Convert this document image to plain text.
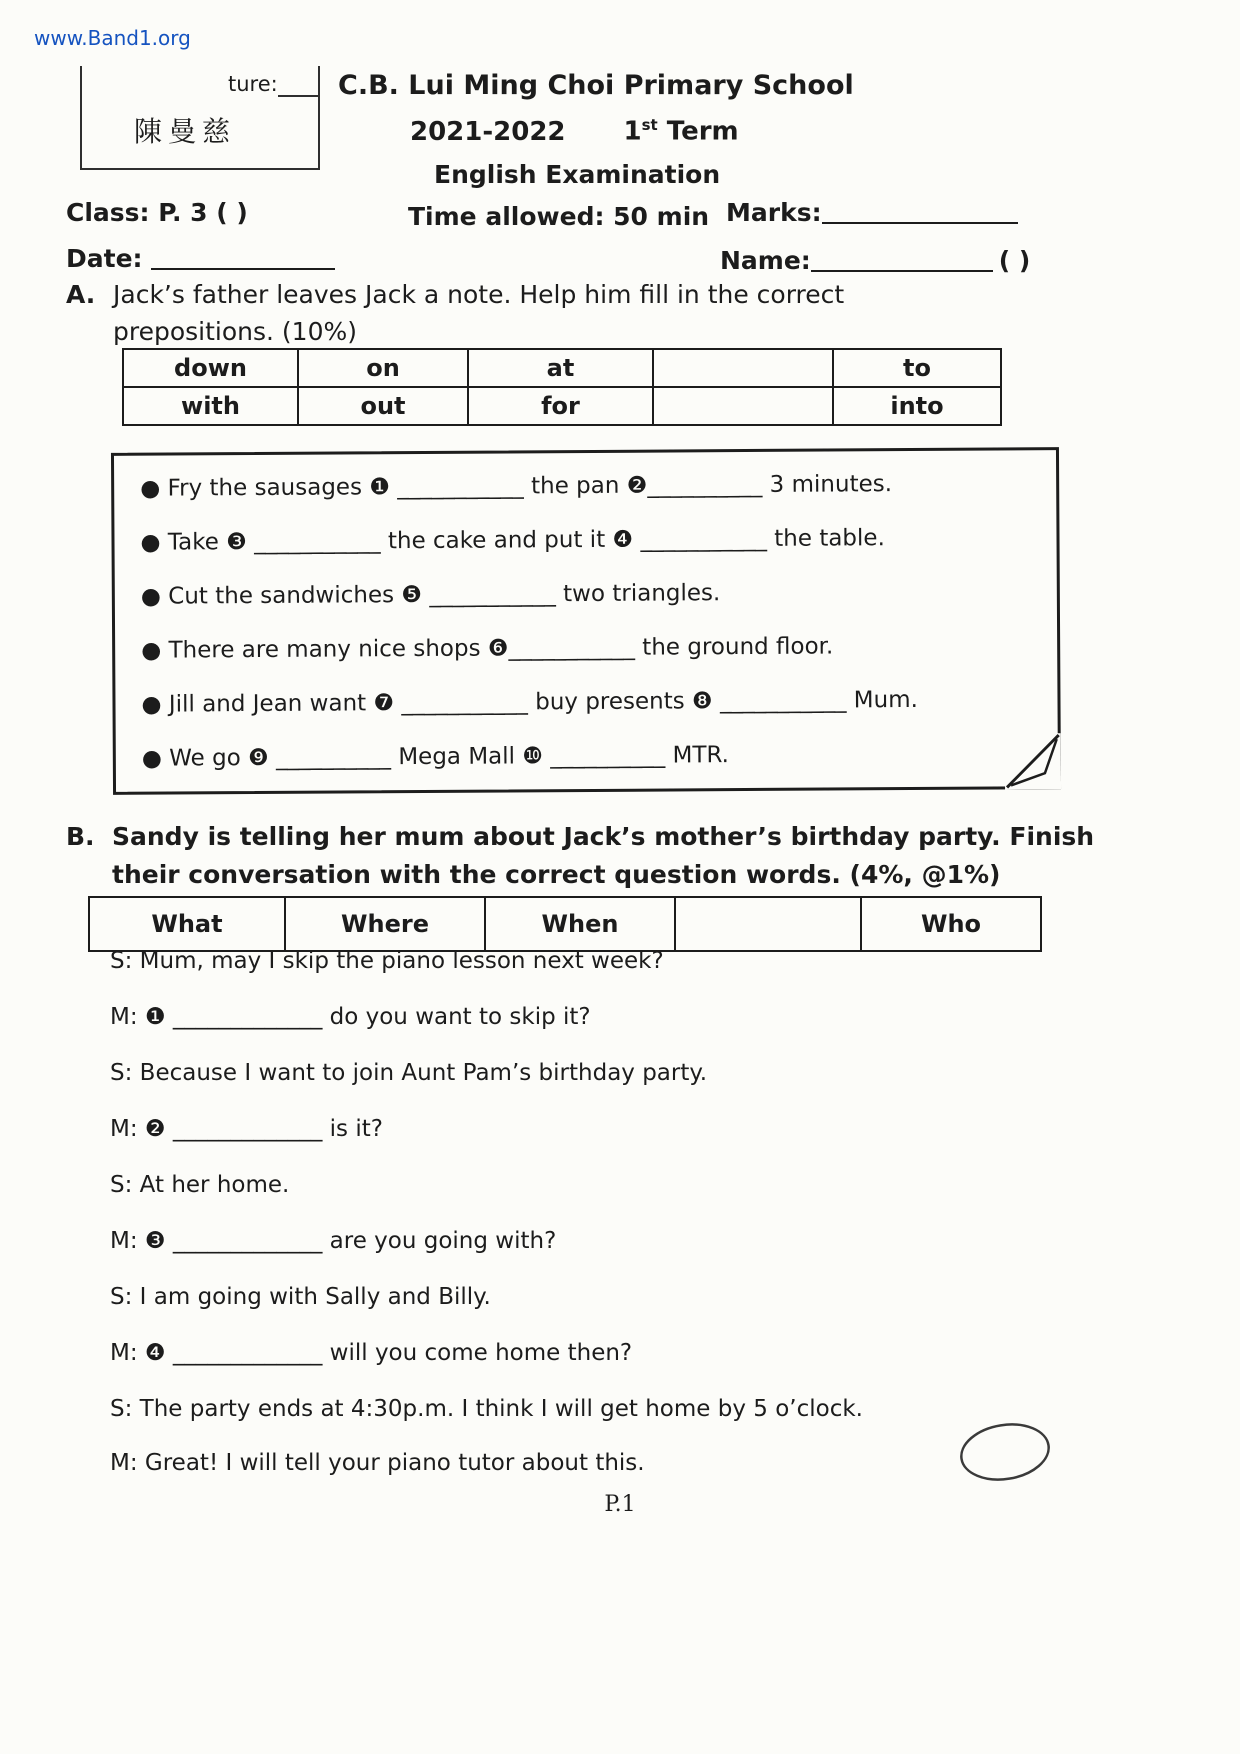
www.Band1.org
ture:
陳曼慈
C.B. Lui Ming Choi Primary School
2021-2022 1st Term
English Examination
Class: P. 3 ( )	Time allowed: 50 min Marks:
Date:	Name:	( )
A. Jack’s father leaves Jack a note. Help him fill in the correct
prepositions. (10%)
down	on	at		to
with	out	for		into
● Fry the sausages ❶ ___________ the pan ❷__________ 3 minutes.
● Take ❸ ___________ the cake and put it ❹ ___________ the table.
● Cut the sandwiches ❺ ___________ two triangles.
● There are many nice shops ❻___________ the ground floor.
● Jill and Jean want ❼ ___________ buy presents ❽ ___________ Mum.
● We go ❾ __________ Mega Mall ❿ __________ MTR.
B. Sandy is telling her mum about Jack’s mother’s birthday party. Finish
their conversation with the correct question words. (4%, @1%)
What	Where	When		Who
S: Mum, may I skip the piano lesson next week?
M: ❶ _____________ do you want to skip it?
S: Because I want to join Aunt Pam’s birthday party.
M: ❷ _____________ is it?
S: At her home.
M: ❸ _____________ are you going with?
S: I am going with Sally and Billy.
M: ❹ _____________ will you come home then?
S: The party ends at 4:30p.m. I think I will get home by 5 o’clock.
M: Great! I will tell your piano tutor about this.
P.1
